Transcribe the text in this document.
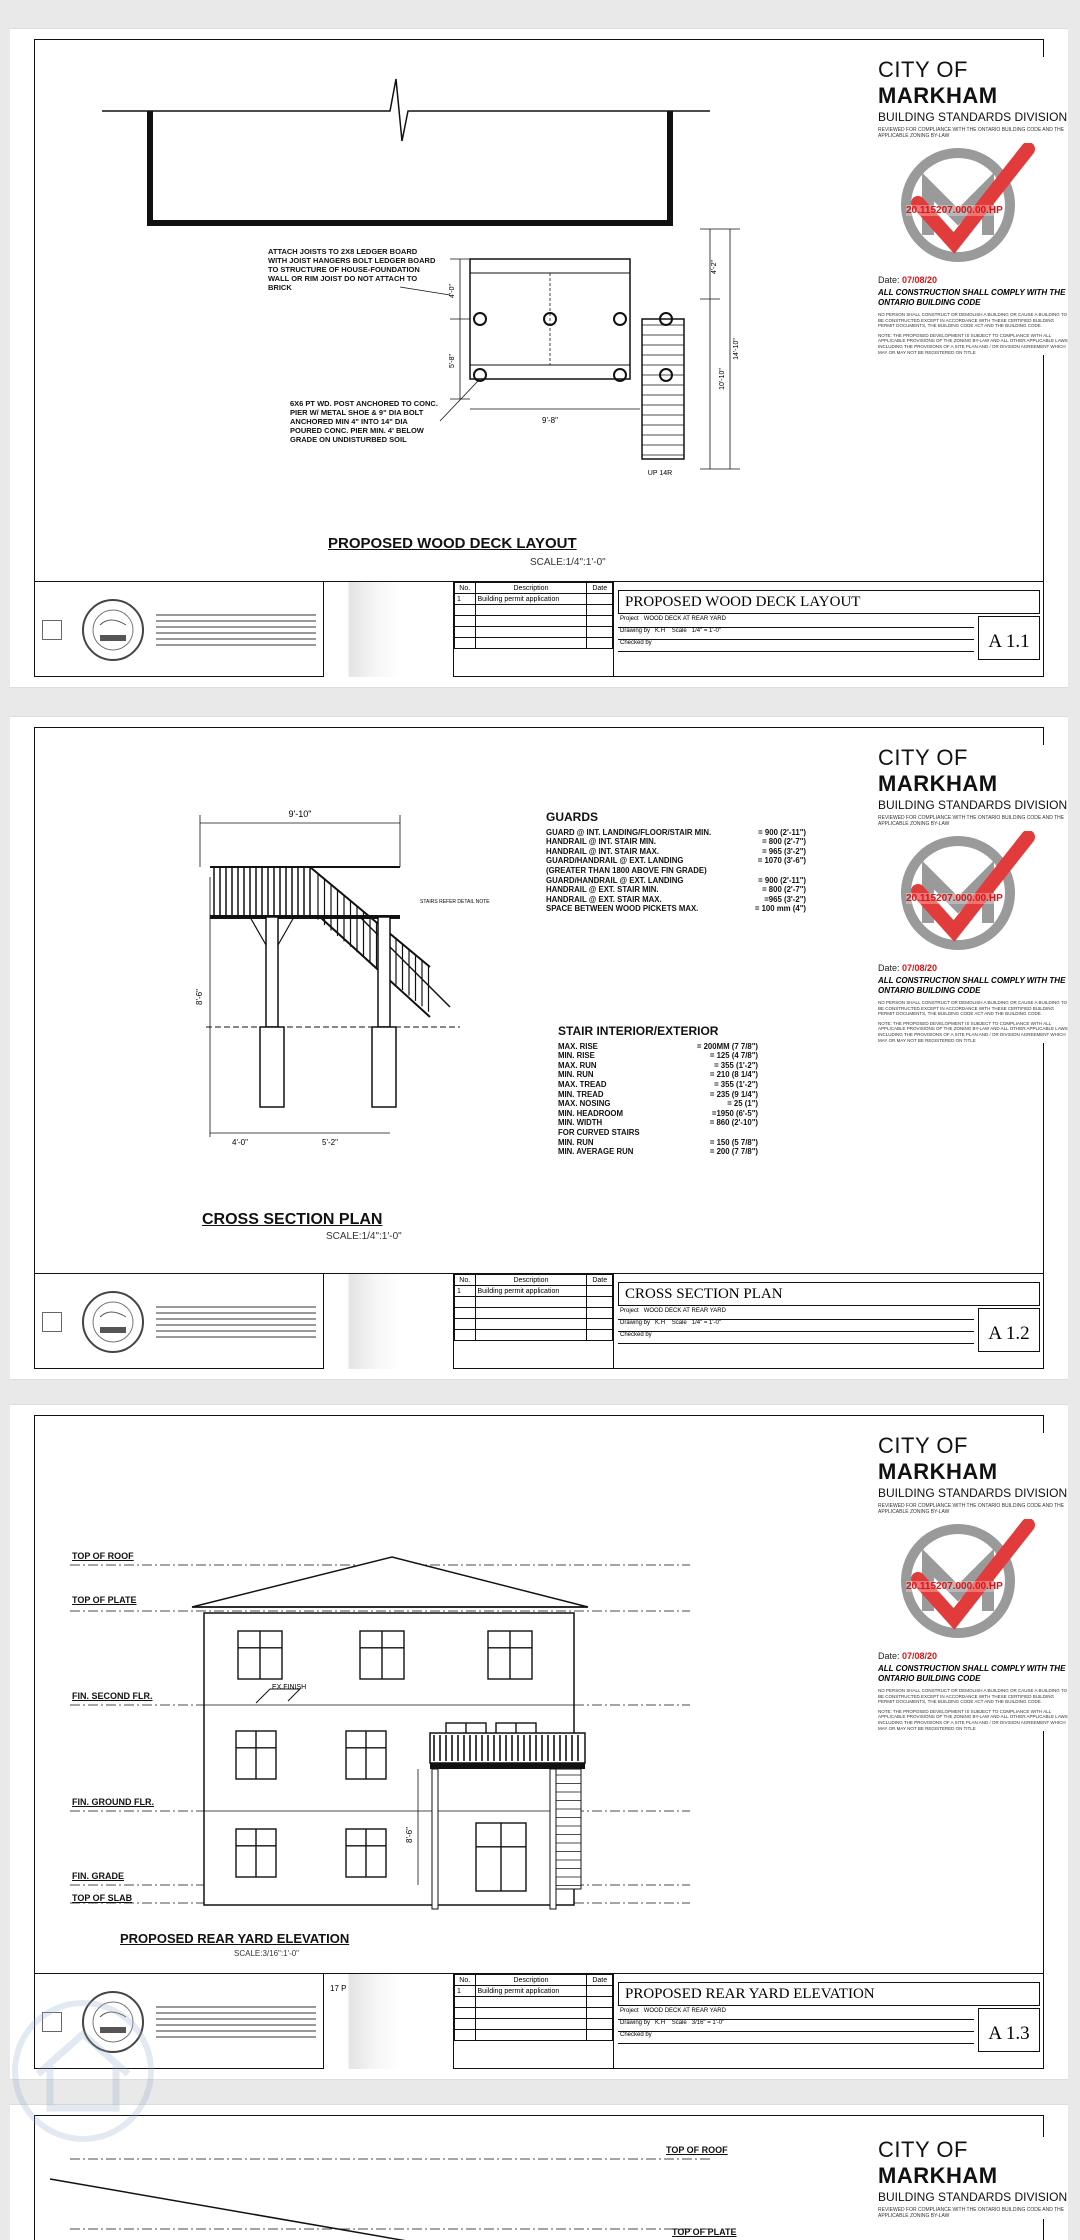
9'-8"
4'-0"
5'-8"
10'-10"
14'-10"
4'-2"
UP 14R
ATTACH JOISTS TO 2X8 LEDGER BOARD WITH JOIST HANGERS BOLT LEDGER BOARD TO STRUCTURE OF HOUSE-FOUNDATION WALL OR RIM JOIST DO NOT ATTACH TO BRICK
6X6 PT WD. POST ANCHORED TO CONC. PIER W/ METAL SHOE & 9" DIA BOLT ANCHORED MIN 4" INTO 14" DIA POURED CONC. PIER MIN. 4' BELOW GRADE ON UNDISTURBED SOIL
PROPOSED WOOD DECK LAYOUT
SCALE:1/4":1'-0"
CITY OF MARKHAM
BUILDING STANDARDS DIVISION
REVIEWED FOR COMPLIANCE WITH THE ONTARIO BUILDING CODE AND THE APPLICABLE ZONING BY-LAW
20.115207.000.00.HP
Date: 07/08/20
ALL CONSTRUCTION SHALL COMPLY WITH THE ONTARIO BUILDING CODE
NO PERSON SHALL CONSTRUCT OR DEMOLISH A BUILDING OR CAUSE A BUILDING TO BE CONSTRUCTED EXCEPT IN ACCORDANCE WITH THESE CERTIFIED BUILDING PERMIT DOCUMENTS, THE BUILDING CODE ACT AND THE BUILDING CODE.
NOTE: THE PROPOSED DEVELOPMENT IS SUBJECT TO COMPLIANCE WITH ALL APPLICABLE PROVISIONS OF THE ZONING BY-LAW AND ALL OTHER APPLICABLE LAWS INCLUDING THE PROVISIONS OF A SITE PLAN AND / OR DIVISION AGREEMENT WHICH MAY OR MAY NOT BE REGISTERED ON TITLE
No.	Description	Date
1	Building permit application	

			PROPOSED WOOD DECK LAYOUT
Project WOOD DECK AT REAR YARD
Drawing by K.H Scale 1/4" = 1'-0"
Checked by	A 1.1
9'-10"
4'-0"	5'-2"
8'-6"
STAIRS REFER DETAIL NOTE
GUARDS
GUARD @ INT. LANDING/FLOOR/STAIR MIN.	= 900 (2'-11")
HANDRAIL @ INT. STAIR MIN.	= 800 (2'-7")
HANDRAIL @ INT. STAIR MAX.	= 965 (3'-2")
GUARD/HANDRAIL @ EXT. LANDING	= 1070 (3'-6")
(GREATER THAN 1800 ABOVE FIN GRADE)
GUARD/HANDRAIL @ EXT. LANDING	= 900 (2'-11")
HANDRAIL @ EXT. STAIR MIN.	= 800 (2'-7")
HANDRAIL @ EXT. STAIR MAX.	=965 (3'-2")
SPACE BETWEEN WOOD PICKETS MAX.	= 100 mm (4")
STAIR INTERIOR/EXTERIOR
MAX. RISE	= 200MM (7 7/8")
MIN. RISE	= 125 (4 7/8")
MAX. RUN	= 355 (1'-2")
MIN. RUN	= 210 (8 1/4")
MAX. TREAD	= 355 (1'-2")
MIN. TREAD	= 235 (9 1/4")
MAX. NOSING	= 25 (1")
MIN. HEADROOM	=1950 (6'-5")
MIN. WIDTH	= 860 (2'-10")
FOR CURVED STAIRS
MIN. RUN	= 150 (5 7/8")
MIN. AVERAGE RUN	= 200 (7 7/8")
CROSS SECTION PLAN
SCALE:1/4":1'-0"
CITY OF MARKHAM
BUILDING STANDARDS DIVISION
REVIEWED FOR COMPLIANCE WITH THE ONTARIO BUILDING CODE AND THE APPLICABLE ZONING BY-LAW
20.115207.000.00.HP
Date: 07/08/20
ALL CONSTRUCTION SHALL COMPLY WITH THE ONTARIO BUILDING CODE
NO PERSON SHALL CONSTRUCT OR DEMOLISH A BUILDING OR CAUSE A BUILDING TO BE CONSTRUCTED EXCEPT IN ACCORDANCE WITH THESE CERTIFIED BUILDING PERMIT DOCUMENTS, THE BUILDING CODE ACT AND THE BUILDING CODE.
NOTE: THE PROPOSED DEVELOPMENT IS SUBJECT TO COMPLIANCE WITH ALL APPLICABLE PROVISIONS OF THE ZONING BY-LAW AND ALL OTHER APPLICABLE LAWS INCLUDING THE PROVISIONS OF A SITE PLAN AND / OR DIVISION AGREEMENT WHICH MAY OR MAY NOT BE REGISTERED ON TITLE
No.	Description	Date
1	Building permit application	

			CROSS SECTION PLAN
Project WOOD DECK AT REAR YARD
Drawing by K.H Scale 1/4" = 1'-0"
Checked by	A 1.2
8'-6"
EX.FINISH
TOP OF ROOF
TOP OF PLATE
FIN. SECOND FLR.
FIN. GROUND FLR.
FIN. GRADE
TOP OF SLAB
PROPOSED REAR YARD ELEVATION
SCALE:3/16":1'-0"
CITY OF MARKHAM
BUILDING STANDARDS DIVISION
REVIEWED FOR COMPLIANCE WITH THE ONTARIO BUILDING CODE AND THE APPLICABLE ZONING BY-LAW
20.115207.000.00.HP
Date: 07/08/20
ALL CONSTRUCTION SHALL COMPLY WITH THE ONTARIO BUILDING CODE
NO PERSON SHALL CONSTRUCT OR DEMOLISH A BUILDING OR CAUSE A BUILDING TO BE CONSTRUCTED EXCEPT IN ACCORDANCE WITH THESE CERTIFIED BUILDING PERMIT DOCUMENTS, THE BUILDING CODE ACT AND THE BUILDING CODE.
NOTE: THE PROPOSED DEVELOPMENT IS SUBJECT TO COMPLIANCE WITH ALL APPLICABLE PROVISIONS OF THE ZONING BY-LAW AND ALL OTHER APPLICABLE LAWS INCLUDING THE PROVISIONS OF A SITE PLAN AND / OR DIVISION AGREEMENT WHICH MAY OR MAY NOT BE REGISTERED ON TITLE
17 P
No.	Description	Date
1	Building permit application	

			PROPOSED REAR YARD ELEVATION
Project WOOD DECK AT REAR YARD
Drawing by K.H Scale 3/16" = 1'-0"
Checked by	A 1.3
TOP OF ROOF
TOP OF PLATE
CITY OF MARKHAM
BUILDING STANDARDS DIVISION
REVIEWED FOR COMPLIANCE WITH THE ONTARIO BUILDING CODE AND THE APPLICABLE ZONING BY-LAW
